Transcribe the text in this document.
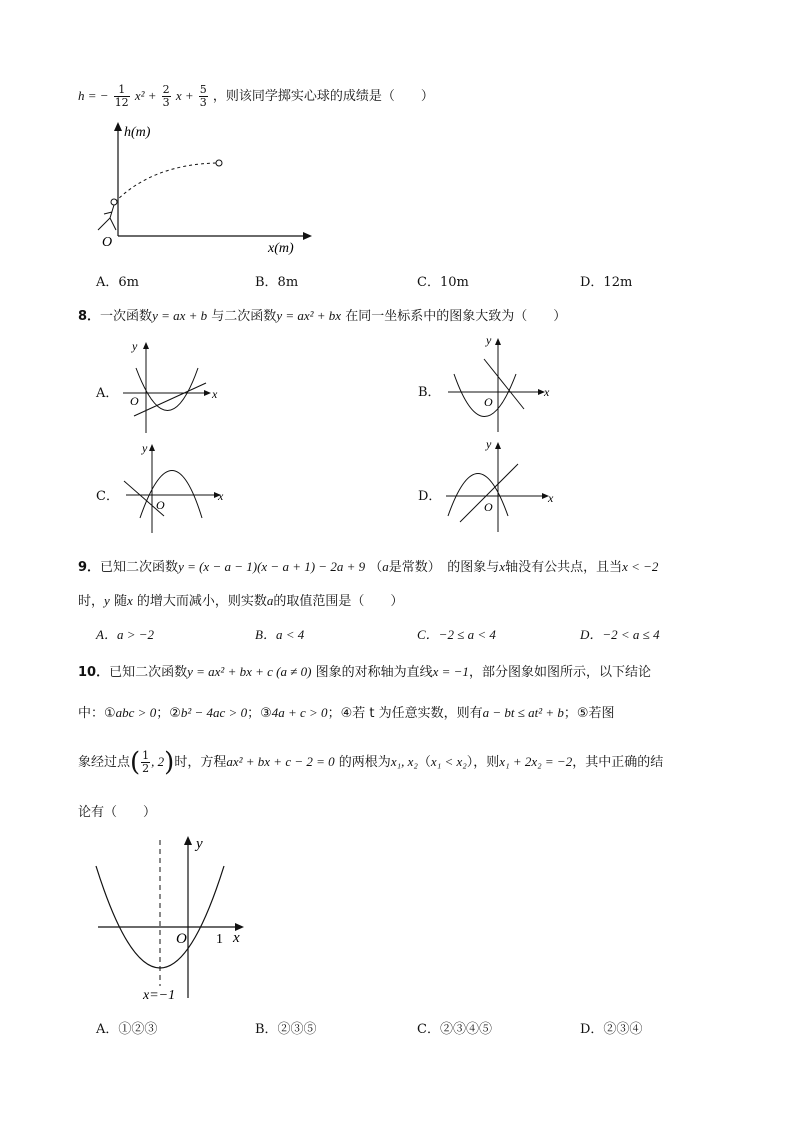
h = − $\frac{1}{12} x^2 + \frac{2}{3}$ $x + \frac{5}{3}$ ，则该同学掷实心球的成绩是（　　）
h(m)
x(m)
O
A．6m	B．8m	C．10m	D．12m
8．一次函数y = ax + b 与二次函数y = ax² + bx 在同一坐标系中的图象大致为（　　）
A．
y
x
O
B．
y
x
O
C．
y
x
O
D．
y
x
O
9．已知二次函数y = (x − a − 1)(x − a + 1) − 2a + 9 （a是常数）　的图象与x轴没有公共点，且当x < −2
时，y 随x 的增大而减小，则实数a的取值范围是（　　）
A．a > −2	B．a < 4	C．−2 ≤ a < 4	D．−2 < a ≤ 4
10．已知二次函数y = ax² + bx + c (a ≠ 0) 图象的对称轴为直线x = −1，部分图象如图所示，以下结论
中：①abc > 0；②b² − 4ac > 0；③4a + c > 0；④若 t 为任意实数，则有a − bt ≤ at² + b；⑤若图
象经过点( $\frac{1}{2}$ , 2)时，方程ax² + bx + c − 2 = 0 的两根为x₁, x₂（x₁ < x₂），则x₁ + 2x₂ = −2，其中正确的结
论有（　　）
y
x
O 1
x=−1
A．①②③	B．②③⑤	C．②③④⑤	D．②③④
